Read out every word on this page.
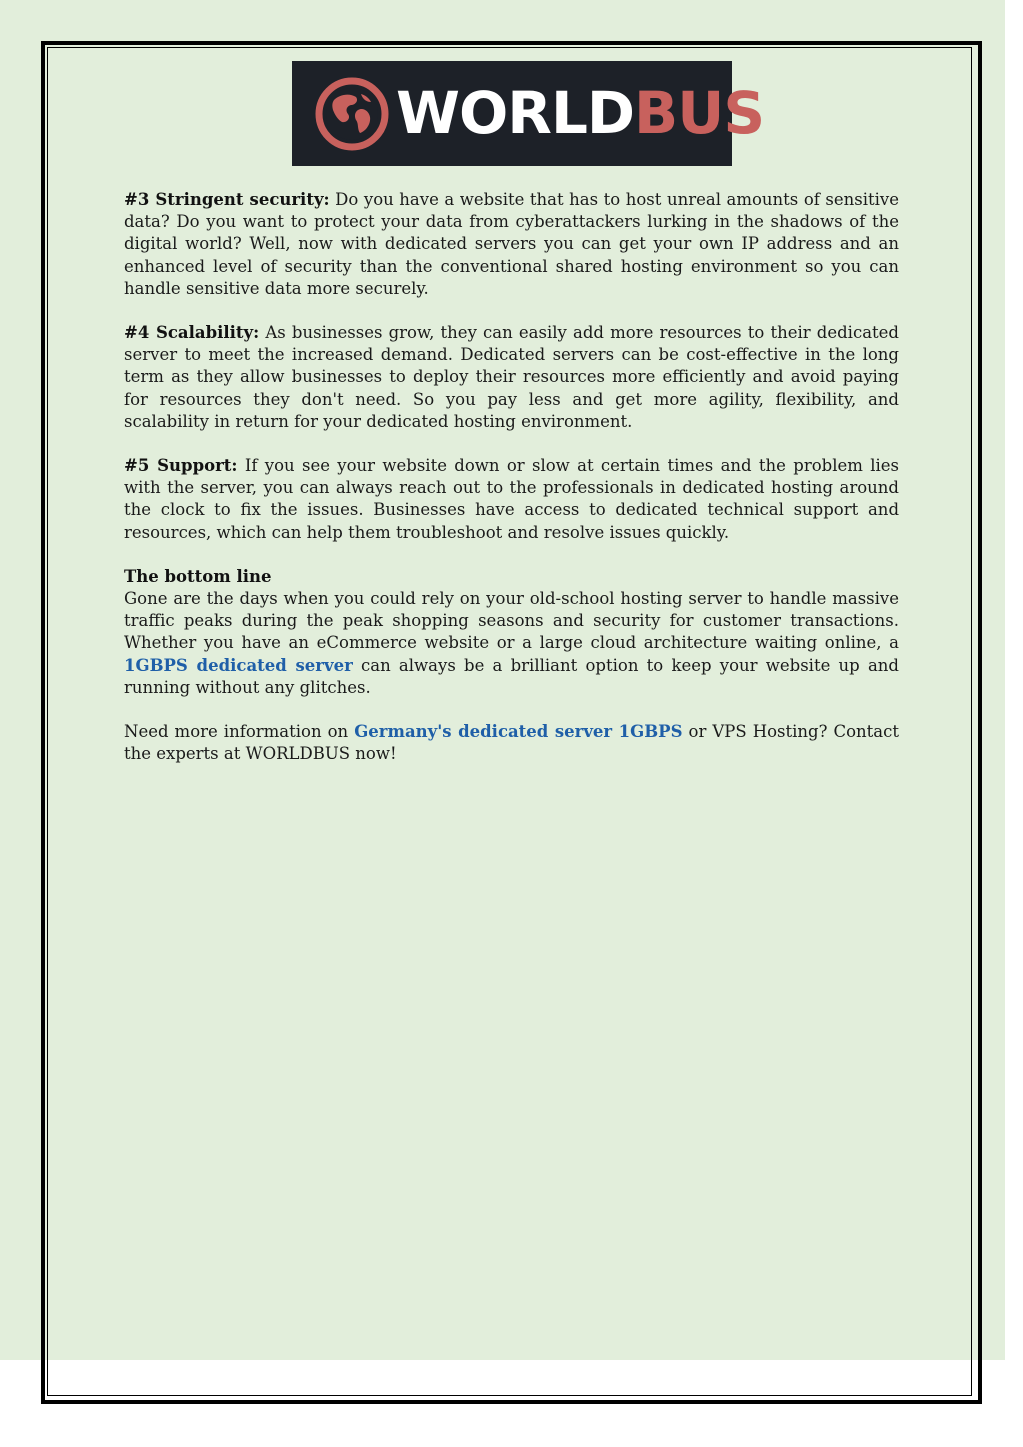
WORLDBUS

#3 Stringent security: Do you have a website that has to host unreal amounts of sensitive data? Do you want to protect your data from cyberattackers lurking in the shadows of the digital world? Well, now with dedicated servers you can get your own IP address and an enhanced level of security than the conventional shared hosting environment so you can handle sensitive data more securely.

#4 Scalability: As businesses grow, they can easily add more resources to their dedicated server to meet the increased demand. Dedicated servers can be cost-effective in the long term as they allow businesses to deploy their resources more efficiently and avoid paying for resources they don't need. So you pay less and get more agility, flexibility, and scalability in return for your dedicated hosting environment.

#5 Support: If you see your website down or slow at certain times and the problem lies with the server, you can always reach out to the professionals in dedicated hosting around the clock to fix the issues. Businesses have access to dedicated technical support and resources, which can help them troubleshoot and resolve issues quickly.

The bottom line
Gone are the days when you could rely on your old-school hosting server to handle massive traffic peaks during the peak shopping seasons and security for customer transactions. Whether you have an eCommerce website or a large cloud architecture waiting online, a 1GBPS dedicated server can always be a brilliant option to keep your website up and running without any glitches.

Need more information on Germany's dedicated server 1GBPS or VPS Hosting? Contact the experts at WORLDBUS now!
